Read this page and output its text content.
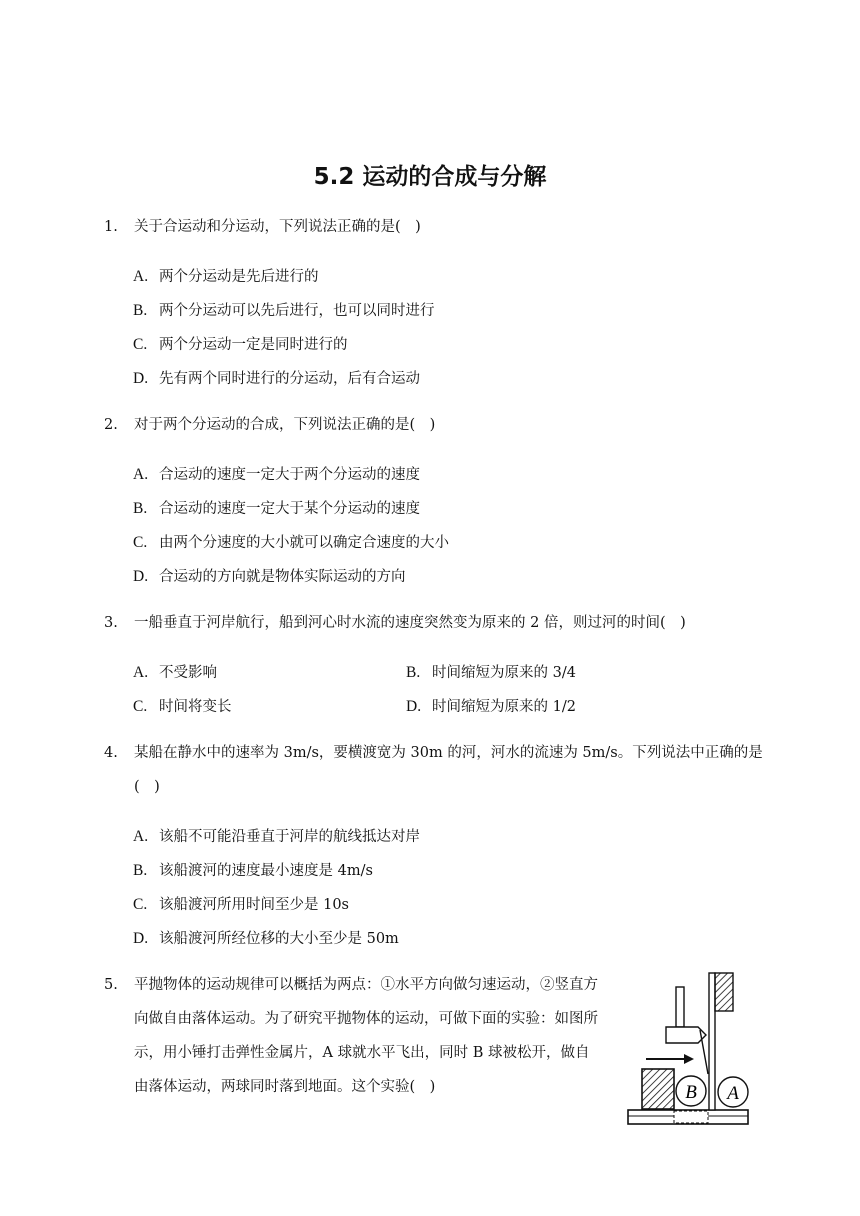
5.2 运动的合成与分解
1.	关于合运动和分运动，下列说法正确的是(　)
A. 两个分运动是先后进行的
B. 两个分运动可以先后进行，也可以同时进行
C. 两个分运动一定是同时进行的
D. 先有两个同时进行的分运动，后有合运动
2.	对于两个分运动的合成，下列说法正确的是(　)
A. 合运动的速度一定大于两个分运动的速度
B. 合运动的速度一定大于某个分运动的速度
C. 由两个分速度的大小就可以确定合速度的大小
D. 合运动的方向就是物体实际运动的方向
3.	一船垂直于河岸航行，船到河心时水流的速度突然变为原来的 2 倍，则过河的时间(　)
A. 不受影响	B. 时间缩短为原来的 3/4
C. 时间将变长	D. 时间缩短为原来的 1/2
4.	某船在静水中的速率为 3m/s，要横渡宽为 30m 的河，河水的流速为 5m/s。下列说法中正确的是(　)
A. 该船不可能沿垂直于河岸的航线抵达对岸
B. 该船渡河的速度最小速度是 4m/s
C. 该船渡河所用时间至少是 10s
D. 该船渡河所经位移的大小至少是 50m
5.	平抛物体的运动规律可以概括为两点：①水平方向做匀速运动，②竖直方向做自由落体运动。为了研究平抛物体的运动，可做下面的实验：如图所示，用小锤打击弹性金属片，A 球就水平飞出，同时 B 球被松开，做自由落体运动，两球同时落到地面。这个实验(　)	B A
